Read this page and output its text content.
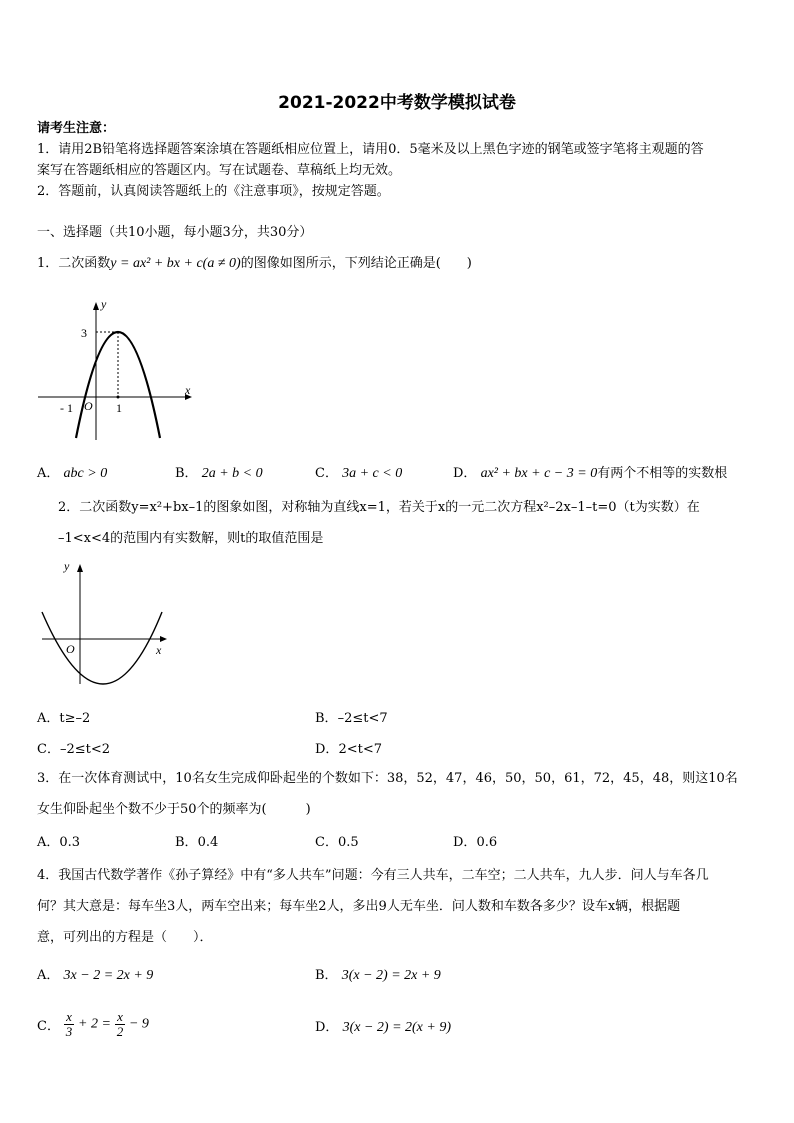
2021-2022中考数学模拟试卷
请考生注意：
1．请用2B铅笔将选择题答案涂填在答题纸相应位置上，请用0．5毫米及以上黑色字迹的钢笔或签字笔将主观题的答
案写在答题纸相应的答题区内。写在试题卷、草稿纸上均无效。
2．答题前，认真阅读答题纸上的《注意事项》，按规定答题。
一、选择题（共10小题，每小题3分，共30分）
1．二次函数y = ax² + bx + c(a ≠ 0)的图像如图所示，下列结论正确是(　　)
y
x
3
- 1 O 1
A． abc > 0	B． 2a + b < 0	C． 3a + c < 0	D． ax² + bx + c − 3 = 0有两个不相等的实数根
2．二次函数y=x²+bx–1的图象如图，对称轴为直线x=1，若关于x的一元二次方程x²–2x–1–t=0（t为实数）在
–1<x<4的范围内有实数解，则t的取值范围是
y
x
O
A．t≥–2	B．–2≤t<7
C．–2≤t<2	D．2<t<7
3．在一次体育测试中，10名女生完成仰卧起坐的个数如下：38，52，47，46，50，50，61，72，45，48，则这10名
女生仰卧起坐个数不少于50个的频率为(　　　)
A．0.3	B．0.4	C．0.5	D．0.6
4．我国古代数学著作《孙子算经》中有“多人共车”问题：今有三人共车，二车空；二人共车，九人步．问人与车各几
何？其大意是：每车坐3人，两车空出来；每车坐2人，多出9人无车坐．问人数和车数各多少？设车x辆，根据题
意，可列出的方程是（　　）．
A． 3x − 2 = 2x + 9	B． 3(x − 2) = 2x + 9
C． $\frac{x}{3} + 2 = \frac{x}{2} - 9$	D． 3(x − 2) = 2(x + 9)
